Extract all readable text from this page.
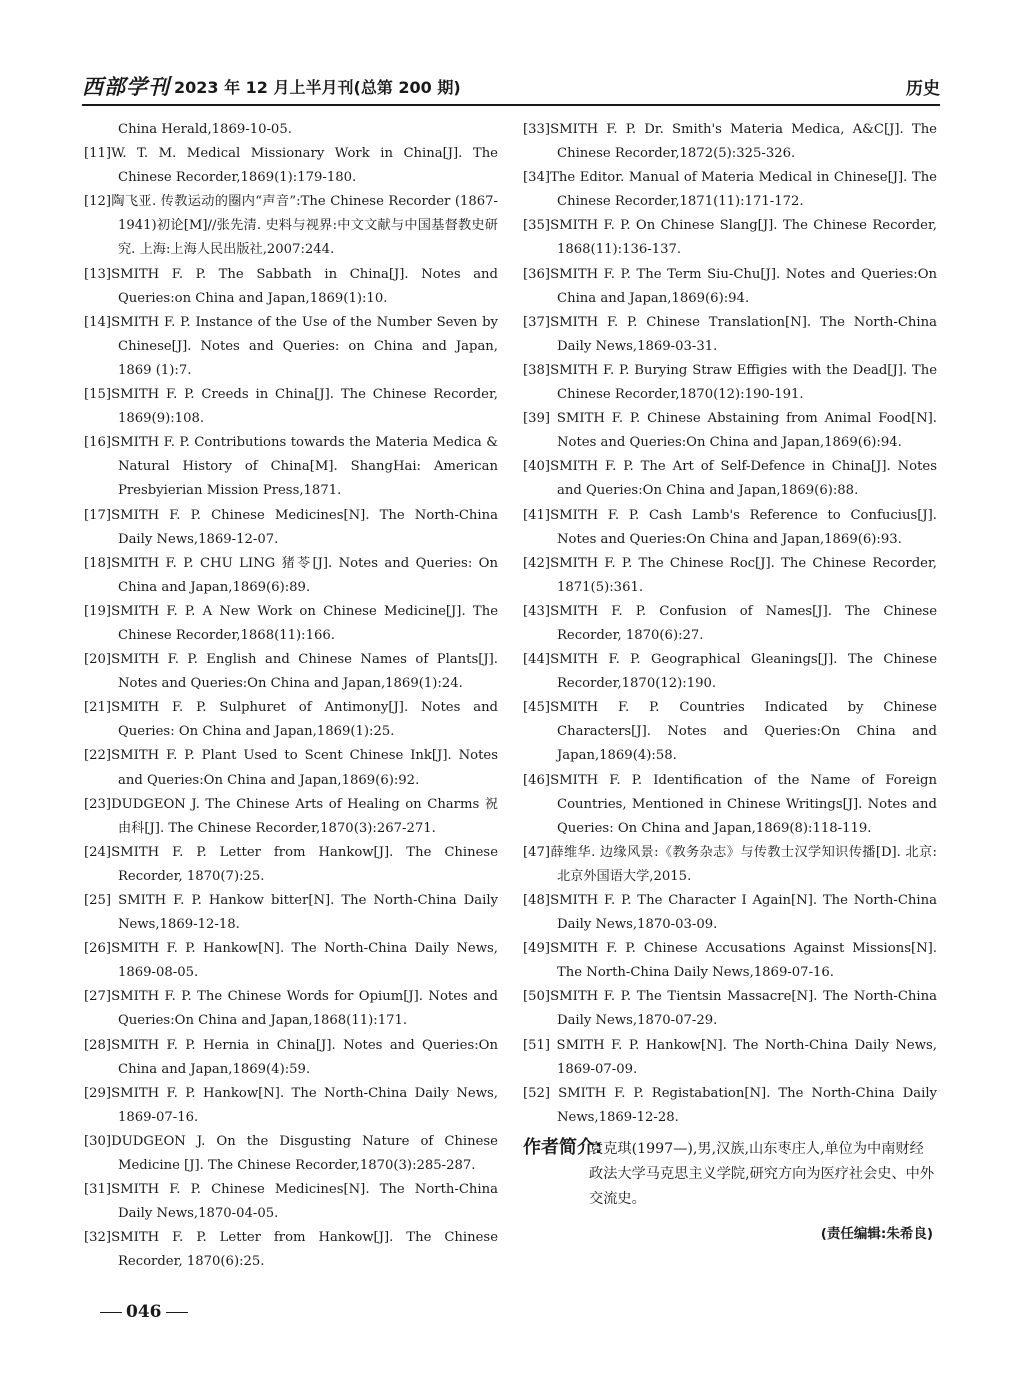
西部学刊 2023 年 12 月上半月刊(总第 200 期)	历史
China Herald,1869-10-05.
[11]W. T. M. Medical Missionary Work in China[J]. The Chinese Recorder,1869(1):179-180.
[12]陶飞亚. 传教运动的圈内“声音”:The Chinese Recorder (1867-1941)初论[M]//张先清. 史料与视界:中文文献与中国基督教史研究. 上海:上海人民出版社,2007:244.
[13]SMITH F. P. The Sabbath in China[J]. Notes and Queries:on China and Japan,1869(1):10.
[14]SMITH F. P. Instance of the Use of the Number Seven by Chinese[J]. Notes and Queries: on China and Japan, 1869 (1):7.
[15]SMITH F. P. Creeds in China[J]. The Chinese Recorder, 1869(9):108.
[16]SMITH F. P. Contributions towards the Materia Medica & Natural History of China[M]. ShangHai: American Presbyierian Mission Press,1871.
[17]SMITH F. P. Chinese Medicines[N]. The North-China Daily News,1869-12-07.
[18]SMITH F. P. CHU LING 猪苓[J]. Notes and Queries: On China and Japan,1869(6):89.
[19]SMITH F. P. A New Work on Chinese Medicine[J]. The Chinese Recorder,1868(11):166.
[20]SMITH F. P. English and Chinese Names of Plants[J]. Notes and Queries:On China and Japan,1869(1):24.
[21]SMITH F. P. Sulphuret of Antimony[J]. Notes and Queries: On China and Japan,1869(1):25.
[22]SMITH F. P. Plant Used to Scent Chinese Ink[J]. Notes and Queries:On China and Japan,1869(6):92.
[23]DUDGEON J. The Chinese Arts of Healing on Charms 祝由科[J]. The Chinese Recorder,1870(3):267-271.
[24]SMITH F. P. Letter from Hankow[J]. The Chinese Recorder, 1870(7):25.
[25] SMITH F. P. Hankow bitter[N]. The North-China Daily News,1869-12-18.
[26]SMITH F. P. Hankow[N]. The North-China Daily News, 1869-08-05.
[27]SMITH F. P. The Chinese Words for Opium[J]. Notes and Queries:On China and Japan,1868(11):171.
[28]SMITH F. P. Hernia in China[J]. Notes and Queries:On China and Japan,1869(4):59.
[29]SMITH F. P. Hankow[N]. The North-China Daily News, 1869-07-16.
[30]DUDGEON J. On the Disgusting Nature of Chinese Medicine [J]. The Chinese Recorder,1870(3):285-287.
[31]SMITH F. P. Chinese Medicines[N]. The North-China Daily News,1870-04-05.
[32]SMITH F. P. Letter from Hankow[J]. The Chinese Recorder, 1870(6):25.
[33]SMITH F. P. Dr. Smith's Materia Medica, A&C[J]. The Chinese Recorder,1872(5):325-326.
[34]The Editor. Manual of Materia Medical in Chinese[J]. The Chinese Recorder,1871(11):171-172.
[35]SMITH F. P. On Chinese Slang[J]. The Chinese Recorder, 1868(11):136-137.
[36]SMITH F. P. The Term Siu-Chu[J]. Notes and Queries:On China and Japan,1869(6):94.
[37]SMITH F. P. Chinese Translation[N]. The North-China Daily News,1869-03-31.
[38]SMITH F. P. Burying Straw Effigies with the Dead[J]. The Chinese Recorder,1870(12):190-191.
[39] SMITH F. P. Chinese Abstaining from Animal Food[N]. Notes and Queries:On China and Japan,1869(6):94.
[40]SMITH F. P. The Art of Self-Defence in China[J]. Notes and Queries:On China and Japan,1869(6):88.
[41]SMITH F. P. Cash Lamb's Reference to Confucius[J]. Notes and Queries:On China and Japan,1869(6):93.
[42]SMITH F. P. The Chinese Roc[J]. The Chinese Recorder, 1871(5):361.
[43]SMITH F. P. Confusion of Names[J]. The Chinese Recorder, 1870(6):27.
[44]SMITH F. P. Geographical Gleanings[J]. The Chinese Recorder,1870(12):190.
[45]SMITH F. P. Countries Indicated by Chinese Characters[J]. Notes and Queries:On China and Japan,1869(4):58.
[46]SMITH F. P. Identification of the Name of Foreign Countries, Mentioned in Chinese Writings[J]. Notes and Queries: On China and Japan,1869(8):118-119.
[47]薛维华. 边缘风景:《教务杂志》与传教士汉学知识传播[D]. 北京:北京外国语大学,2015.
[48]SMITH F. P. The Character I Again[N]. The North-China Daily News,1870-03-09.
[49]SMITH F. P. Chinese Accusations Against Missions[N]. The North-China Daily News,1869-07-16.
[50]SMITH F. P. The Tientsin Massacre[N]. The North-China Daily News,1870-07-29.
[51] SMITH F. P. Hankow[N]. The North-China Daily News, 1869-07-09.
[52] SMITH F. P. Registabation[N]. The North-China Daily News,1869-12-28.
作者简介:
袁克琪(1997—),男,汉族,山东枣庄人,单位为中南财经政法大学马克思主义学院,研究方向为医疗社会史、中外交流史。
(责任编辑:朱希良)
046
